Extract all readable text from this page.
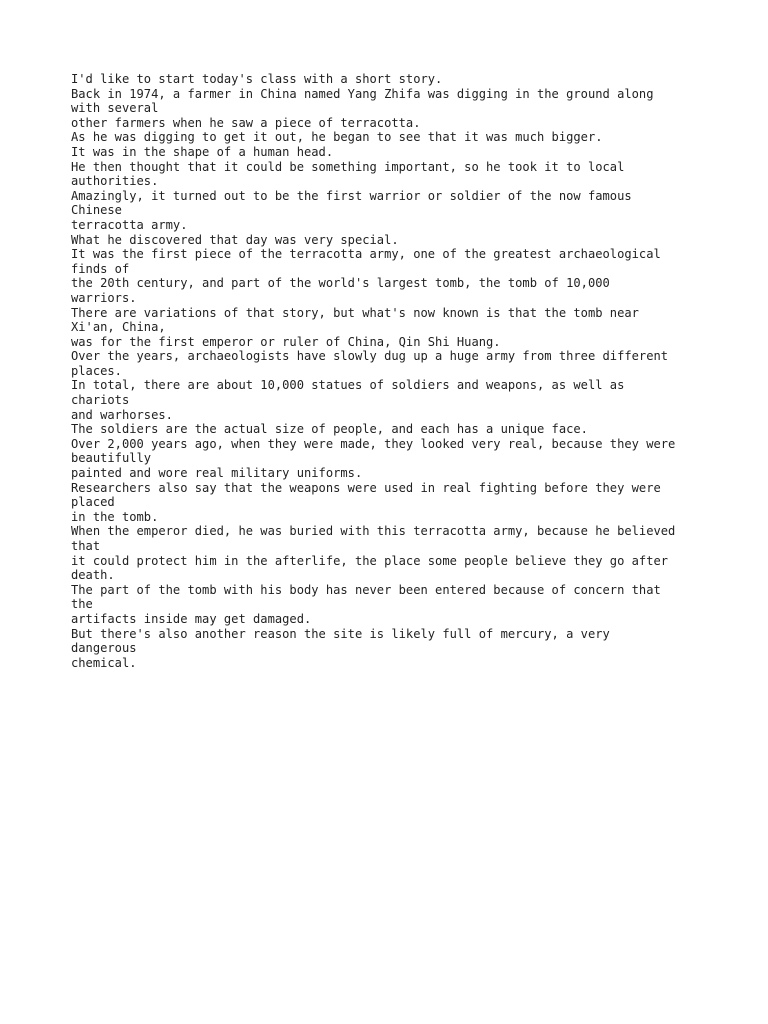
I'd like to start today's class with a short story.
Back in 1974, a farmer in China named Yang Zhifa was digging in the ground along
with several
other farmers when he saw a piece of terracotta.
As he was digging to get it out, he began to see that it was much bigger.
It was in the shape of a human head.
He then thought that it could be something important, so he took it to local
authorities.
Amazingly, it turned out to be the first warrior or soldier of the now famous
Chinese
terracotta army.
What he discovered that day was very special.
It was the first piece of the terracotta army, one of the greatest archaeological
finds of
the 20th century, and part of the world's largest tomb, the tomb of 10,000
warriors.
There are variations of that story, but what's now known is that the tomb near
Xi'an, China,
was for the first emperor or ruler of China, Qin Shi Huang.
Over the years, archaeologists have slowly dug up a huge army from three different
places.
In total, there are about 10,000 statues of soldiers and weapons, as well as
chariots
and warhorses.
The soldiers are the actual size of people, and each has a unique face.
Over 2,000 years ago, when they were made, they looked very real, because they were
beautifully
painted and wore real military uniforms.
Researchers also say that the weapons were used in real fighting before they were
placed
in the tomb.
When the emperor died, he was buried with this terracotta army, because he believed
that
it could protect him in the afterlife, the place some people believe they go after
death.
The part of the tomb with his body has never been entered because of concern that
the
artifacts inside may get damaged.
But there's also another reason the site is likely full of mercury, a very
dangerous
chemical.
